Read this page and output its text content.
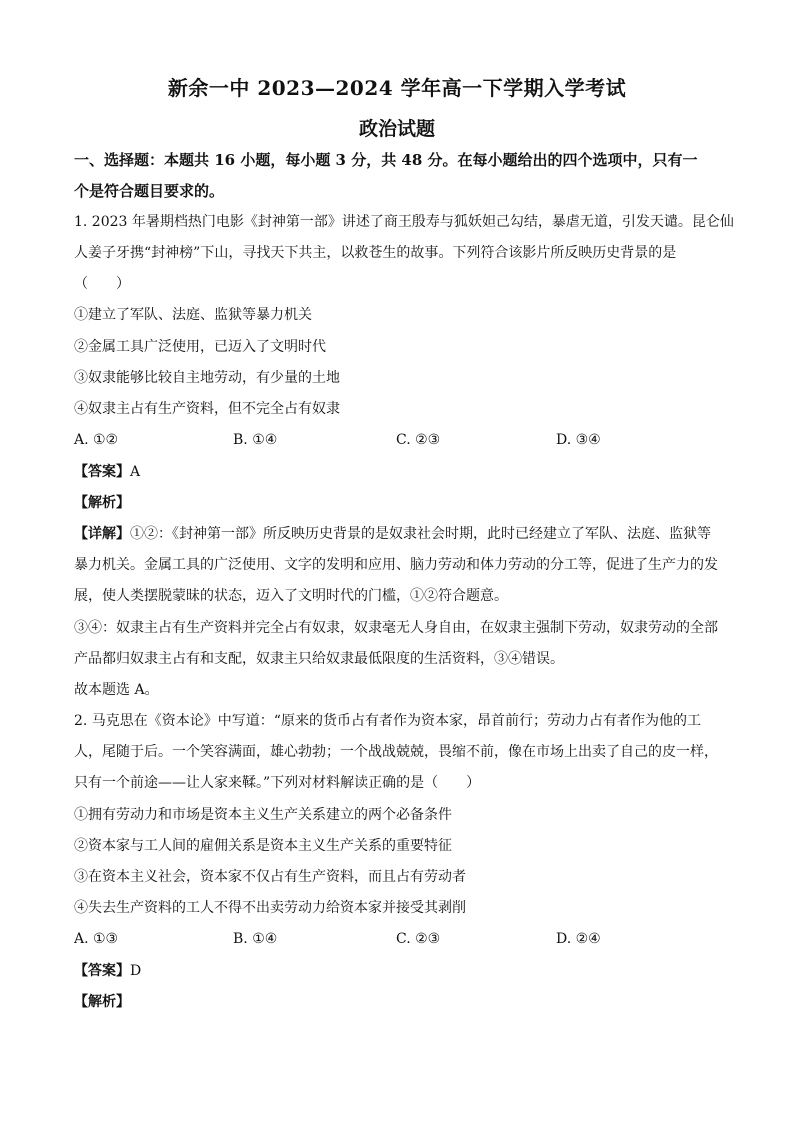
新余一中 2023—2024 学年高一下学期入学考试
政治试题
一、选择题：本题共 16 小题，每小题 3 分，共 48 分。在每小题给出的四个选项中，只有一
个是符合题目要求的。
1. 2023 年暑期档热门电影《封神第一部》讲述了商王殷寿与狐妖妲己勾结，暴虐无道，引发天谴。昆仑仙
人姜子牙携“封神榜”下山，寻找天下共主，以救苍生的故事。下列符合该影片所反映历史背景的是
（　　）
①建立了军队、法庭、监狱等暴力机关
②金属工具广泛使用，已迈入了文明时代
③奴隶能够比较自主地劳动，有少量的土地
④奴隶主占有生产资料，但不完全占有奴隶
A. ①②	B. ①④	C. ②③	D. ③④
【答案】A
【解析】
【详解】①②：《封神第一部》所反映历史背景的是奴隶社会时期，此时已经建立了军队、法庭、监狱等
暴力机关。金属工具的广泛使用、文字的发明和应用、脑力劳动和体力劳动的分工等，促进了生产力的发
展，使人类摆脱蒙昧的状态，迈入了文明时代的门槛，①②符合题意。
③④：奴隶主占有生产资料并完全占有奴隶，奴隶毫无人身自由，在奴隶主强制下劳动，奴隶劳动的全部
产品都归奴隶主占有和支配，奴隶主只给奴隶最低限度的生活资料，③④错误。
故本题选 A。
2. 马克思在《资本论》中写道：“原来的货币占有者作为资本家，昂首前行；劳动力占有者作为他的工
人，尾随于后。一个笑容满面，雄心勃勃；一个战战兢兢，畏缩不前，像在市场上出卖了自己的皮一样，
只有一个前途——让人家来鞣。”下列对材料解读正确的是（　　）
①拥有劳动力和市场是资本主义生产关系建立的两个必备条件
②资本家与工人间的雇佣关系是资本主义生产关系的重要特征
③在资本主义社会，资本家不仅占有生产资料，而且占有劳动者
④失去生产资料的工人不得不出卖劳动力给资本家并接受其剥削
A. ①③	B. ①④	C. ②③	D. ②④
【答案】D
【解析】
